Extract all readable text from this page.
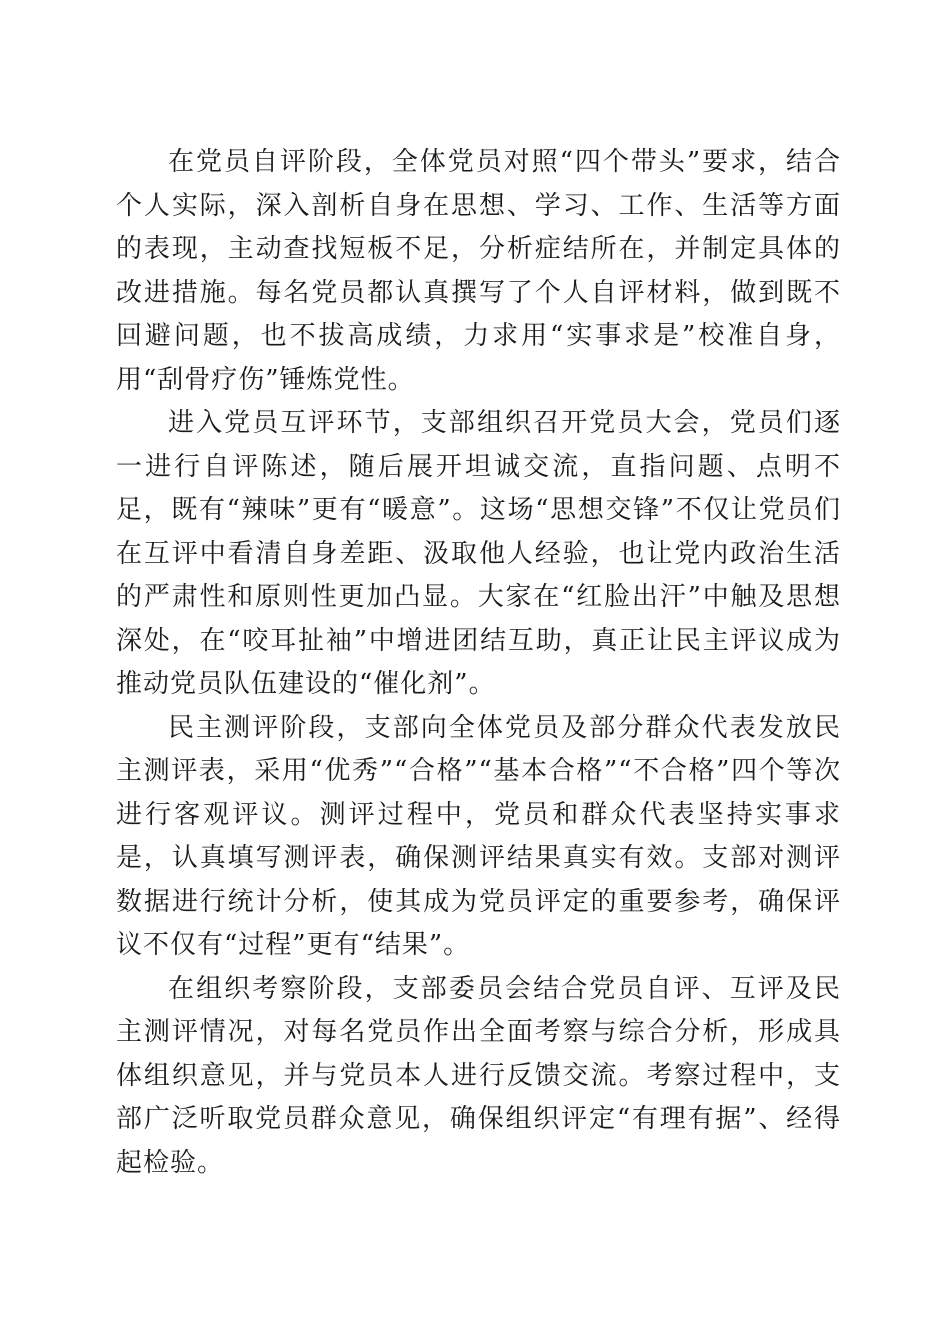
在党员自评阶段，全体党员对照“四个带头”要求，结合个人实际，深入剖析自身在思想、学习、工作、生活等方面的表现，主动查找短板不足，分析症结所在，并制定具体的改进措施。每名党员都认真撰写了个人自评材料，做到既不回避问题，也不拔高成绩，力求用“实事求是”校准自身，用“刮骨疗伤”锤炼党性。

进入党员互评环节，支部组织召开党员大会，党员们逐一进行自评陈述，随后展开坦诚交流，直指问题、点明不足，既有“辣味”更有“暖意”。这场“思想交锋”不仅让党员们在互评中看清自身差距、汲取他人经验，也让党内政治生活的严肃性和原则性更加凸显。大家在“红脸出汗”中触及思想深处，在“咬耳扯袖”中增进团结互助，真正让民主评议成为推动党员队伍建设的“催化剂”。

民主测评阶段，支部向全体党员及部分群众代表发放民主测评表，采用“优秀”“合格”“基本合格”“不合格”四个等次进行客观评议。测评过程中，党员和群众代表坚持实事求是，认真填写测评表，确保测评结果真实有效。支部对测评数据进行统计分析，使其成为党员评定的重要参考，确保评议不仅有“过程”更有“结果”。

在组织考察阶段，支部委员会结合党员自评、互评及民主测评情况，对每名党员作出全面考察与综合分析，形成具体组织意见，并与党员本人进行反馈交流。考察过程中，支部广泛听取党员群众意见，确保组织评定“有理有据”、经得起检验。
